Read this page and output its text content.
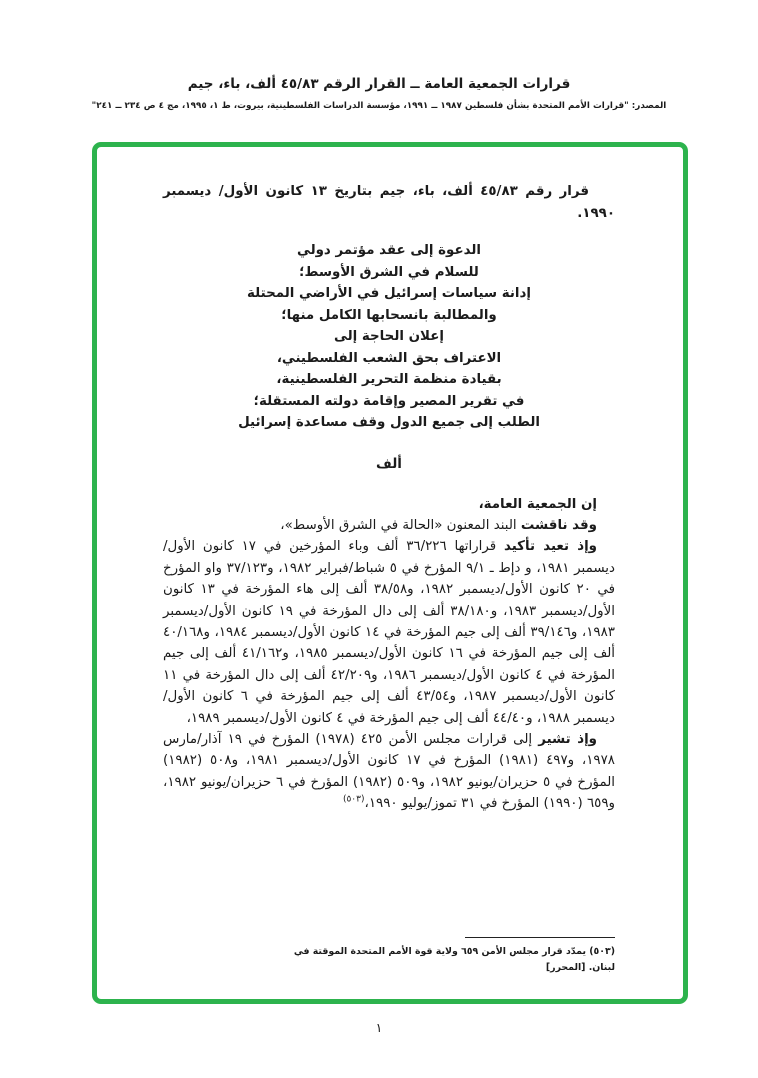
قرارات الجمعية العامة ــ القرار الرقم ٤٥/٨٣ ألف، باء، جيم
المصدر: "قرارات الأمم المتحدة بشأن فلسطين ١٩٨٧ ــ ١٩٩١، مؤسسة الدراسات الفلسطينية، بيروت، ط ١، ١٩٩٥، مج ٤ ص ٢٣٤ ــ ٢٤١"

قرار رقم ٤٥/٨٣ ألف، باء، جيم بتاريخ ١٣ كانون الأول/ ديسمبر ١٩٩٠.

الدعوة إلى عقد مؤتمر دولي
للسلام في الشرق الأوسط؛
إدانة سياسات إسرائيل في الأراضي المحتلة
والمطالبة بانسحابها الكامل منها؛
إعلان الحاجة إلى
الاعتراف بحق الشعب الفلسطيني،
بقيادة منظمة التحرير الفلسطينية،
في تقرير المصير وإقامة دولته المستقلة؛
الطلب إلى جميع الدول وقف مساعدة إسرائيل
ألف

إن الجمعية العامة،

وقد ناقشت البند المعنون «الحالة في الشرق الأوسط»،

وإذ تعيد تأكيد قراراتها ٣٦/٢٢٦ ألف وباء المؤرخين في ١٧ كانون الأول/ديسمبر ١٩٨١، و دإط ـ ٩/١ المؤرخ في ٥ شباط/فبراير ١٩٨٢، و٣٧/١٢٣ واو المؤرخ في ٢٠ كانون الأول/ديسمبر ١٩٨٢، و٣٨/٥٨ ألف إلى هاء المؤرخة في ١٣ كانون الأول/ديسمبر ١٩٨٣، و٣٨/١٨٠ ألف إلى دال المؤرخة في ١٩ كانون الأول/ديسمبر ١٩٨٣، و٣٩/١٤٦ ألف إلى جيم المؤرخة في ١٤ كانون الأول/ديسمبر ١٩٨٤، و٤٠/١٦٨ ألف إلى جيم المؤرخة في ١٦ كانون الأول/ديسمبر ١٩٨٥، و٤١/١٦٢ ألف إلى جيم المؤرخة في ٤ كانون الأول/ديسمبر ١٩٨٦، و٤٢/٢٠٩ ألف إلى دال المؤرخة في ١١ كانون الأول/ديسمبر ١٩٨٧، و٤٣/٥٤ ألف إلى جيم المؤرخة في ٦ كانون الأول/ديسمبر ١٩٨٨، و٤٤/٤٠ ألف إلى جيم المؤرخة في ٤ كانون الأول/ديسمبر ١٩٨٩،

وإذ تشير إلى قرارات مجلس الأمن ٤٢٥ (١٩٧٨) المؤرخ في ١٩ آذار/مارس ١٩٧٨، و٤٩٧ (١٩٨١) المؤرخ في ١٧ كانون الأول/ديسمبر ١٩٨١، و٥٠٨ (١٩٨٢) المؤرخ في ٥ حزيران/يونيو ١٩٨٢، و٥٠٩ (١٩٨٢) المؤرخ في ٦ حزيران/يونيو ١٩٨٢، و٦٥٩ (١٩٩٠) المؤرخ في ٣١ تموز/يوليو ١٩٩٠،$^{(٥٠٣)}$

(٥٠٣) يمدّد قرار مجلس الأمن ٦٥٩ ولاية قوة الأمم المتحدة الموقتة في
لبنان. [المحرر]
١
